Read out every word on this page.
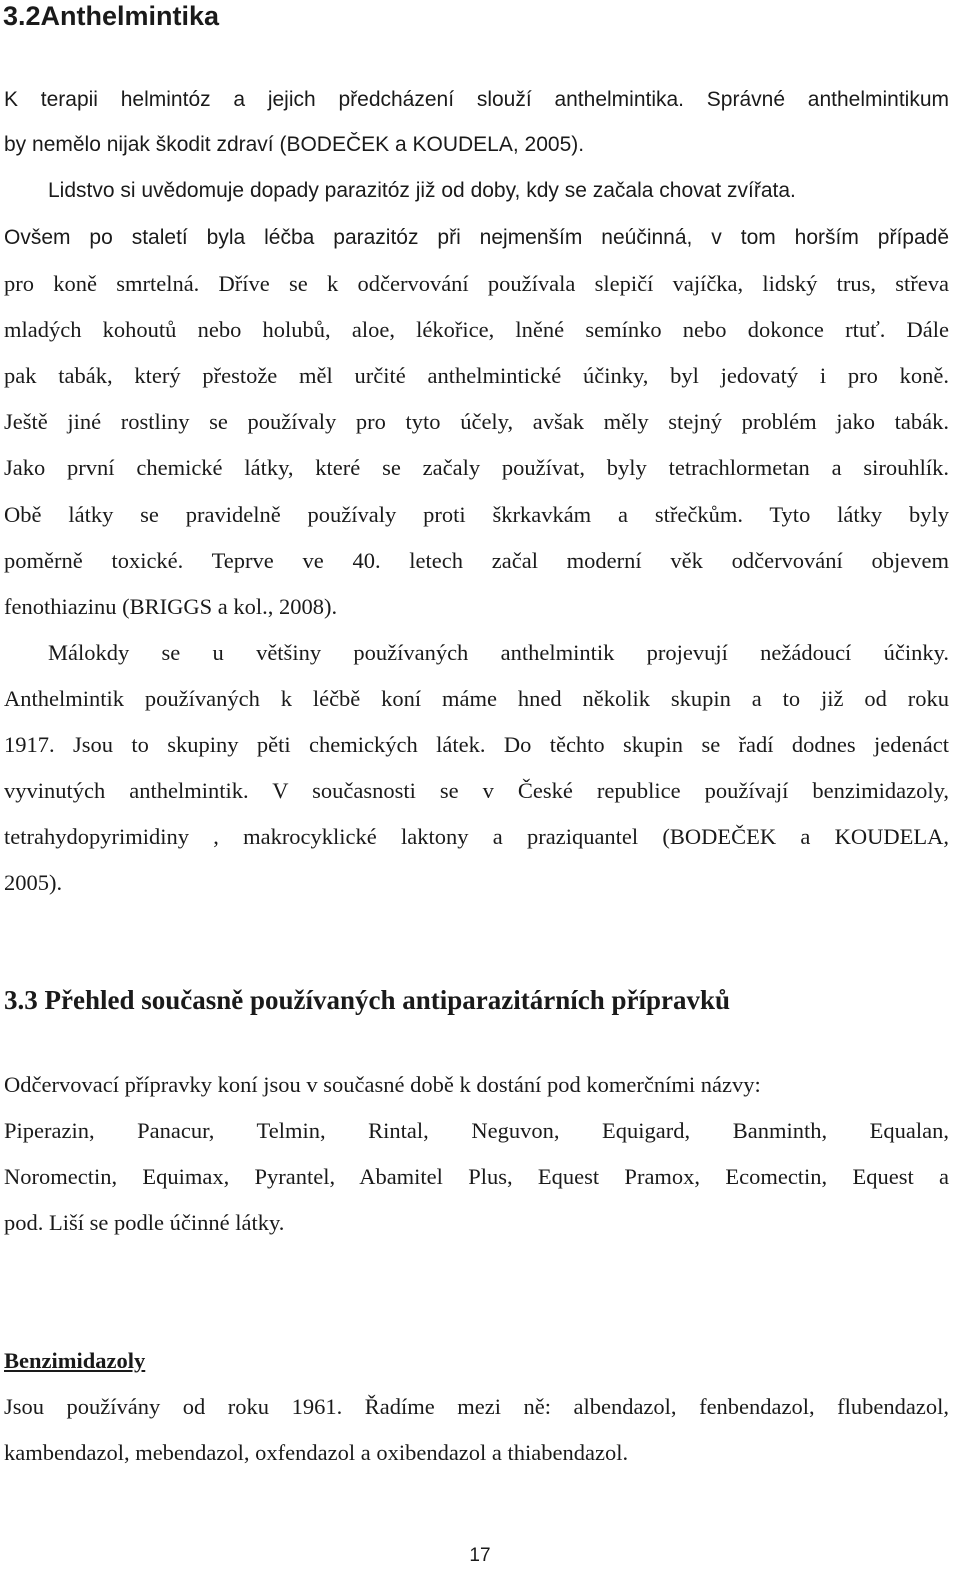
3.2Anthelmintika
K terapii helmintóz a jejich předcházení slouží anthelmintika. Správné anthelmintikum
by nemělo nijak škodit zdraví (BODEČEK a KOUDELA, 2005).
Lidstvo si uvědomuje dopady parazitóz již od doby, kdy se začala chovat zvířata.
Ovšem po staletí byla léčba parazitóz při nejmenším neúčinná, v tom horším případě
pro koně smrtelná. Dříve se k odčervování používala slepičí vajíčka, lidský trus, střeva
mladých kohoutů nebo holubů, aloe, lékořice, lněné semínko nebo dokonce rtuť. Dále
pak tabák, který přestože měl určité anthelmintické účinky, byl jedovatý i pro koně.
Ještě jiné rostliny se používaly pro tyto účely, avšak měly stejný problém jako tabák.
Jako první chemické látky, které se začaly používat, byly tetrachlormetan a sirouhlík.
Obě látky se pravidelně používaly proti škrkavkám a střečkům. Tyto látky byly
poměrně toxické. Teprve ve 40. letech začal moderní věk odčervování objevem
fenothiazinu (BRIGGS a kol., 2008).
Málokdy se u většiny používaných anthelmintik projevují nežádoucí účinky.
Anthelmintik používaných k léčbě koní máme hned několik skupin a to již od roku
1917. Jsou to skupiny pěti chemických látek. Do těchto skupin se řadí dodnes jedenáct
vyvinutých anthelmintik. V současnosti se v České republice používají benzimidazoly,
tetrahydopyrimidiny , makrocyklické laktony a praziquantel (BODEČEK a KOUDELA,
2005).
3.3 Přehled současně používaných antiparazitárních přípravků
Odčervovací přípravky koní jsou v současné době k dostání pod komerčními názvy:
Piperazin, Panacur, Telmin, Rintal, Neguvon, Equigard, Banminth, Equalan,
Noromectin, Equimax, Pyrantel, Abamitel Plus, Equest Pramox, Ecomectin, Equest a
pod. Liší se podle účinné látky.
Benzimidazoly
Jsou používány od roku 1961. Řadíme mezi ně: albendazol, fenbendazol, flubendazol,
kambendazol, mebendazol, oxfendazol a oxibendazol a thiabendazol.
17
